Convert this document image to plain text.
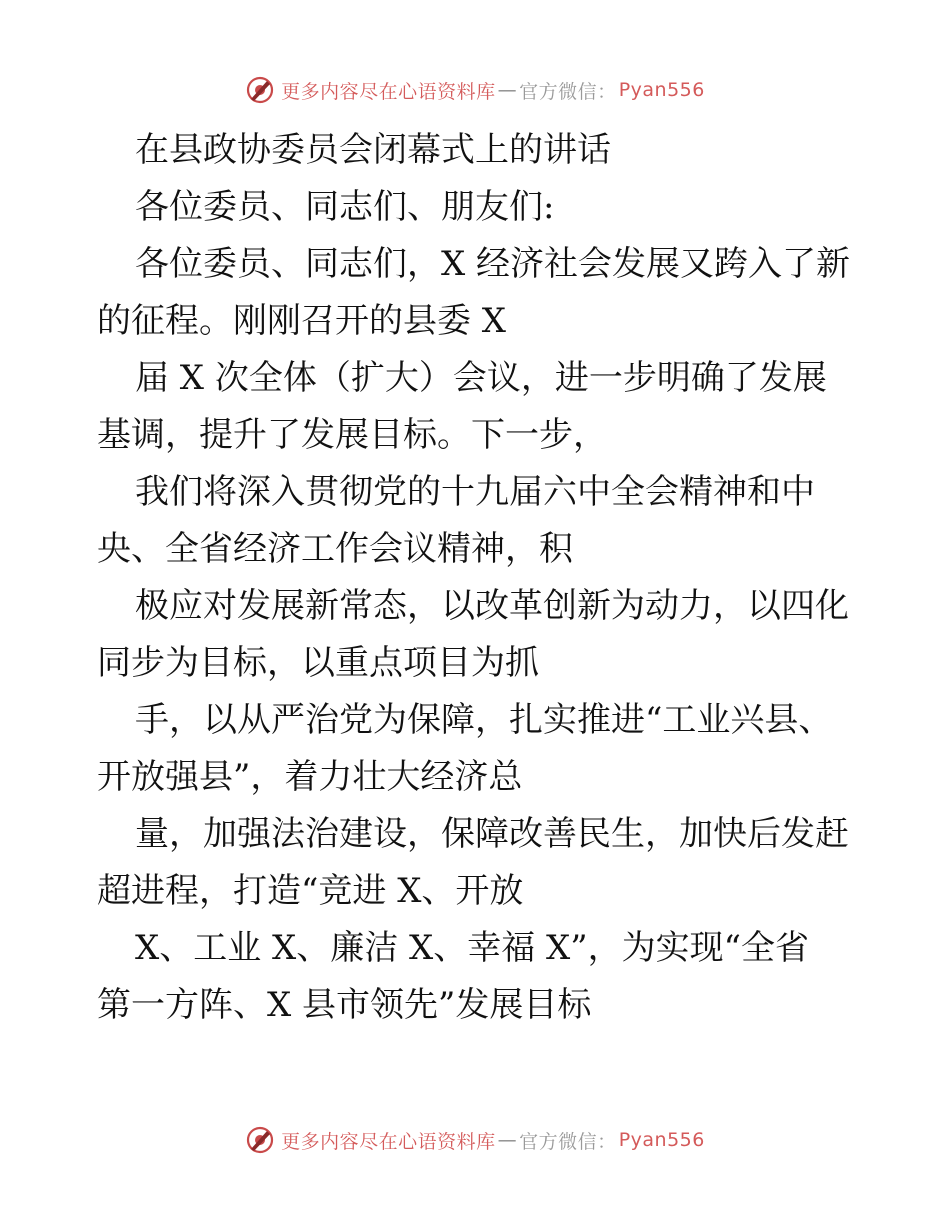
更多内容尽在心语资料库 — 官方微信： Pyan556
在县政协委员会闭幕式上的讲话
各位委员、同志们、朋友们:
各位委员、同志们，X 经济社会发展又跨入了新
的征程。刚刚召开的县委 X
届 X 次全体（扩大）会议，进一步明确了发展
基调，提升了发展目标。下一步，
我们将深入贯彻党的十九届六中全会精神和中
央、全省经济工作会议精神，积
极应对发展新常态，以改革创新为动力，以四化
同步为目标，以重点项目为抓
手，以从严治党为保障，扎实推进“工业兴县、
开放强县”，着力壮大经济总
量，加强法治建设，保障改善民生，加快后发赶
超进程，打造“竞进 X、开放
X、工业 X、廉洁 X、幸福 X”，为实现“全省
第一方阵、X 县市领先”发展目标
更多内容尽在心语资料库 — 官方微信： Pyan556
